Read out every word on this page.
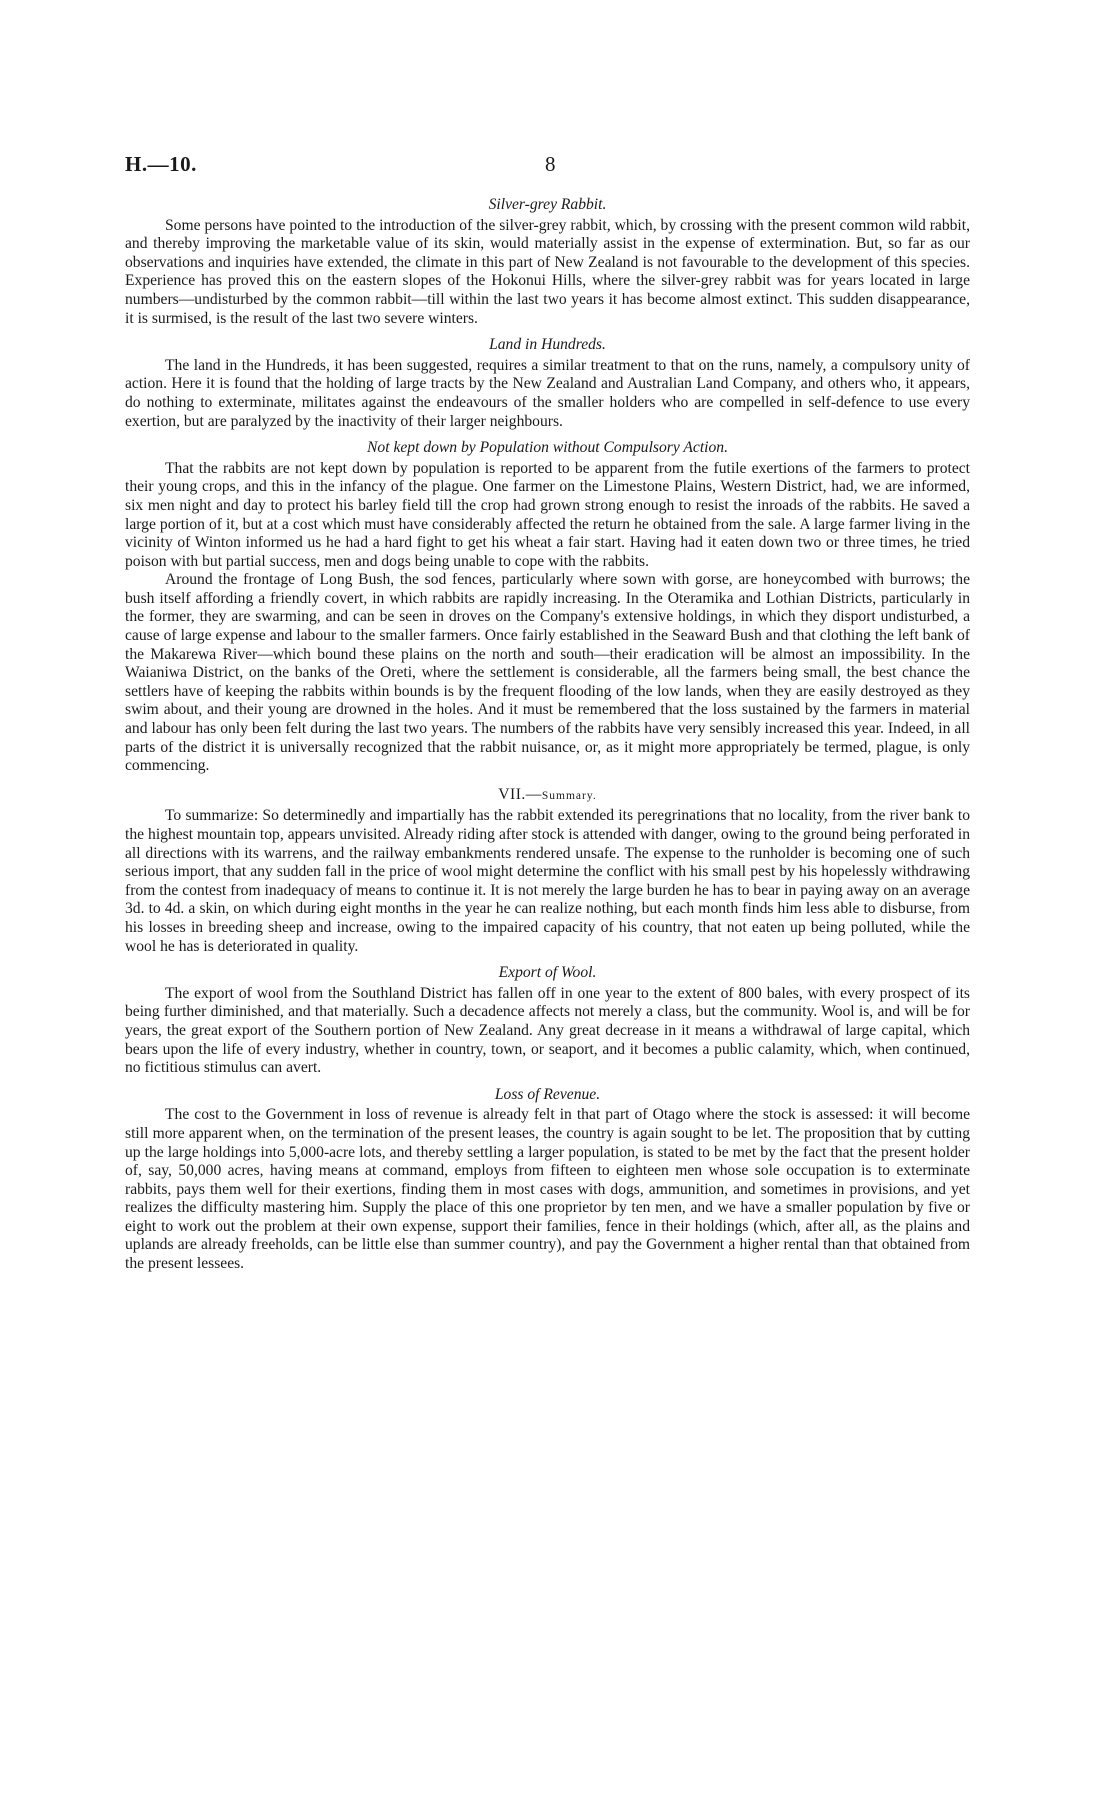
H.—10.	8
Silver-grey Rabbit.

Some persons have pointed to the introduction of the silver-grey rabbit, which, by crossing with the present common wild rabbit, and thereby improving the marketable value of its skin, would materially assist in the expense of extermination. But, so far as our observations and inquiries have extended, the climate in this part of New Zealand is not favourable to the development of this species. Experience has proved this on the eastern slopes of the Hokonui Hills, where the silver-grey rabbit was for years located in large numbers—undisturbed by the common rabbit—till within the last two years it has become almost extinct. This sudden disappearance, it is surmised, is the result of the last two severe winters.

Land in Hundreds.

The land in the Hundreds, it has been suggested, requires a similar treatment to that on the runs, namely, a compulsory unity of action. Here it is found that the holding of large tracts by the New Zealand and Australian Land Company, and others who, it appears, do nothing to exterminate, militates against the endeavours of the smaller holders who are compelled in self-defence to use every exertion, but are paralyzed by the inactivity of their larger neighbours.

Not kept down by Population without Compulsory Action.

That the rabbits are not kept down by population is reported to be apparent from the futile exertions of the farmers to protect their young crops, and this in the infancy of the plague. One farmer on the Limestone Plains, Western District, had, we are informed, six men night and day to protect his barley field till the crop had grown strong enough to resist the inroads of the rabbits. He saved a large portion of it, but at a cost which must have considerably affected the return he obtained from the sale. A large farmer living in the vicinity of Winton informed us he had a hard fight to get his wheat a fair start. Having had it eaten down two or three times, he tried poison with but partial success, men and dogs being unable to cope with the rabbits.

Around the frontage of Long Bush, the sod fences, particularly where sown with gorse, are honeycombed with burrows; the bush itself affording a friendly covert, in which rabbits are rapidly increasing. In the Oteramika and Lothian Districts, particularly in the former, they are swarming, and can be seen in droves on the Company's extensive holdings, in which they disport undisturbed, a cause of large expense and labour to the smaller farmers. Once fairly established in the Seaward Bush and that clothing the left bank of the Makarewa River—which bound these plains on the north and south—their eradication will be almost an impossibility. In the Waianiwa District, on the banks of the Oreti, where the settlement is considerable, all the farmers being small, the best chance the settlers have of keeping the rabbits within bounds is by the frequent flooding of the low lands, when they are easily destroyed as they swim about, and their young are drowned in the holes. And it must be remembered that the loss sustained by the farmers in material and labour has only been felt during the last two years. The numbers of the rabbits have very sensibly increased this year. Indeed, in all parts of the district it is universally recognized that the rabbit nuisance, or, as it might more appropriately be termed, plague, is only commencing.

VII.—Summary.

To summarize: So determinedly and impartially has the rabbit extended its peregrinations that no locality, from the river bank to the highest mountain top, appears unvisited. Already riding after stock is attended with danger, owing to the ground being perforated in all directions with its warrens, and the railway embankments rendered unsafe. The expense to the runholder is becoming one of such serious import, that any sudden fall in the price of wool might determine the conflict with his small pest by his hopelessly withdrawing from the contest from inadequacy of means to continue it. It is not merely the large burden he has to bear in paying away on an average 3d. to 4d. a skin, on which during eight months in the year he can realize nothing, but each month finds him less able to disburse, from his losses in breeding sheep and increase, owing to the impaired capacity of his country, that not eaten up being polluted, while the wool he has is deteriorated in quality.

Export of Wool.

The export of wool from the Southland District has fallen off in one year to the extent of 800 bales, with every prospect of its being further diminished, and that materially. Such a decadence affects not merely a class, but the community. Wool is, and will be for years, the great export of the Southern portion of New Zealand. Any great decrease in it means a withdrawal of large capital, which bears upon the life of every industry, whether in country, town, or seaport, and it becomes a public calamity, which, when continued, no fictitious stimulus can avert.

Loss of Revenue.

The cost to the Government in loss of revenue is already felt in that part of Otago where the stock is assessed: it will become still more apparent when, on the termination of the present leases, the country is again sought to be let. The proposition that by cutting up the large holdings into 5,000-acre lots, and thereby settling a larger population, is stated to be met by the fact that the present holder of, say, 50,000 acres, having means at command, employs from fifteen to eighteen men whose sole occupation is to exterminate rabbits, pays them well for their exertions, finding them in most cases with dogs, ammunition, and sometimes in provisions, and yet realizes the difficulty mastering him. Supply the place of this one proprietor by ten men, and we have a smaller population by five or eight to work out the problem at their own expense, support their families, fence in their holdings (which, after all, as the plains and uplands are already freeholds, can be little else than summer country), and pay the Government a higher rental than that obtained from the present lessees.
